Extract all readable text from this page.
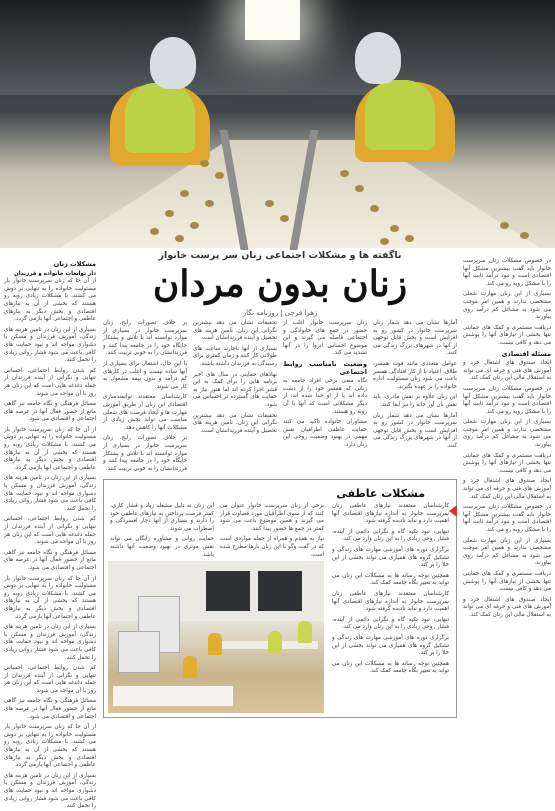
ناگفته ها و مشکلات اجتماعی زنان سر پرست خانوار
زنان بدون مردان
زهرا فرجی | روزنامه نگار
مشکلات زنان
دار توابعات خانواده و فرزندان

از آن جا که زنان سرپرست خانوار بار مسئولیت خانواده را به تنهایی بر دوش می کشند، با مشکلات زیادی روبه رو هستند که بخشی از آن به نیازهای اقتصادی و بخش دیگر به نیازهای عاطفی و اجتماعی آنها بازمی گردد.

بسیاری از این زنان در تامین هزینه های زندگی، آموزش فرزندان و مسکن با دشواری مواجه اند و نبود حمایت های کافی باعث می شود فشار روانی زیادی را تحمل کنند.

کم شدن روابط اجتماعی، احساس تنهایی و نگرانی از آینده فرزندان از جمله دغدغه هایی است که این زنان هر روز با آن مواجه می شوند.

مسائل فرهنگی و نگاه جامعه نیز گاهی مانع از حضور فعال آنها در عرصه های اجتماعی و اقتصادی می شود.

از آن جا که زنان سرپرست خانوار بار مسئولیت خانواده را به تنهایی بر دوش می کشند، با مشکلات زیادی روبه رو هستند که بخشی از آن به نیازهای اقتصادی و بخش دیگر به نیازهای عاطفی و اجتماعی آنها بازمی گردد.

بسیاری از این زنان در تامین هزینه های زندگی، آموزش فرزندان و مسکن با دشواری مواجه اند و نبود حمایت های کافی باعث می شود فشار روانی زیادی را تحمل کنند.

کم شدن روابط اجتماعی، احساس تنهایی و نگرانی از آینده فرزندان از جمله دغدغه هایی است که این زنان هر روز با آن مواجه می شوند.

مسائل فرهنگی و نگاه جامعه نیز گاهی مانع از حضور فعال آنها در عرصه های اجتماعی و اقتصادی می شود.

از آن جا که زنان سرپرست خانوار بار مسئولیت خانواده را به تنهایی بر دوش می کشند، با مشکلات زیادی روبه رو هستند که بخشی از آن به نیازهای اقتصادی و بخش دیگر به نیازهای عاطفی و اجتماعی آنها بازمی گردد.

بسیاری از این زنان در تامین هزینه های زندگی، آموزش فرزندان و مسکن با دشواری مواجه اند و نبود حمایت های کافی باعث می شود فشار روانی زیادی را تحمل کنند.

کم شدن روابط اجتماعی، احساس تنهایی و نگرانی از آینده فرزندان از جمله دغدغه هایی است که این زنان هر روز با آن مواجه می شوند.

مسائل فرهنگی و نگاه جامعه نیز گاهی مانع از حضور فعال آنها در عرصه های اجتماعی و اقتصادی می شود.

از آن جا که زنان سرپرست خانوار بار مسئولیت خانواده را به تنهایی بر دوش می کشند، با مشکلات زیادی روبه رو هستند که بخشی از آن به نیازهای اقتصادی و بخش دیگر به نیازهای عاطفی و اجتماعی آنها بازمی گردد.

بسیاری از این زنان در تامین هزینه های زندگی، آموزش فرزندان و مسکن با دشواری مواجه اند و نبود حمایت های کافی باعث می شود فشار روانی زیادی را تحمل کنند.

بر خلاف تصورات رایج، زنان سرپرست خانوار در بسیاری از موارد توانسته اند با تلاش و پشتکار جایگاه خود را در جامعه پیدا کنند و فرزندانشان را به خوبی تربیت کنند.

با این حال، اشتغال برای بسیاری از آنها ساده نیست و اغلب در کارهای کم درآمد و بدون بیمه مشغول به کار می شوند.

کارشناسان معتقدند توانمندسازی اقتصادی این زنان از طریق آموزش مهارت ها و ایجاد فرصت های شغلی مناسب می تواند بخش زیادی از مشکلات آنها را کاهش دهد.

بر خلاف تصورات رایج، زنان سرپرست خانوار در بسیاری از موارد توانسته اند با تلاش و پشتکار جایگاه خود را در جامعه پیدا کنند و فرزندانشان را به خوبی تربیت کنند.

تحقیقات نشان می دهد بیشترین نگرانی این زنان، تامین هزینه های تحصیل و آینده فرزندانشان است.

بسیاری از آنها ناچارند ساعت های طولانی کار کنند و زمان کمتری برای رسیدگی به فرزندان داشته باشند.

نهادهای حمایتی در سال های اخیر برنامه هایی را برای کمک به این قشر اجرا کرده اند اما هنوز نیاز به حمایت های گسترده تر احساس می شود.

تحقیقات نشان می دهد بیشترین نگرانی این زنان، تامین هزینه های تحصیل و آینده فرزندانشان است.

زنان سرپرست خانوار اغلب از حضور در جمع های خانوادگی و اجتماعی فاصله می گیرند و این موضوع احساس انزوا را در آنها تشدید می کند.

وضعیت نامناسب روابط اجتماعی

نگاه منفی برخی افراد جامعه به زنانی که همسر خود را از دست داده اند یا از او جدا شده اند، از دیگر مشکلاتی است که آنها با آن روبه رو هستند.

مشاوران خانواده تاکید می کنند حمایت عاطفی اطرافیان نقش مهمی در بهبود وضعیت روحی این زنان دارد.

آمارها نشان می دهد شمار زنان سرپرست خانوار در کشور رو به افزایش است و بخش قابل توجهی از آنها در شهرهای بزرگ زندگی می کنند.

عوامل متعددی مانند فوت همسر، طلاق، اعتیاد یا از کار افتادگی همسر باعث می شود زنان مسئولیت اداره خانواده را بر عهده بگیرند.

این زنان علاوه بر نقش مادری، باید نقش نان آور خانه را نیز ایفا کنند.

آمارها نشان می دهد شمار زنان سرپرست خانوار در کشور رو به افزایش است و بخش قابل توجهی از آنها در شهرهای بزرگ زندگی می کنند.

در خصوص مشکلات زنان سرپرست خانوار باید گفت بیشترین مشکل آنها اقتصادی است و نبود درآمد ثابت آنها را با مشکل روبه رو می کند.

بسیاری از این زنان مهارت شغلی مشخصی ندارند و همین امر موجب می شود به مشاغل کم درآمد روی بیاورند.

دریافت مستمری و کمک های حمایتی تنها بخشی از نیازهای آنها را پوشش می دهد و کافی نیست.

مسئله اقتصادی

ایجاد صندوق های اشتغال خرد و آموزش های فنی و حرفه ای می تواند به استقلال مالی این زنان کمک کند.

در خصوص مشکلات زنان سرپرست خانوار باید گفت بیشترین مشکل آنها اقتصادی است و نبود درآمد ثابت آنها را با مشکل روبه رو می کند.

بسیاری از این زنان مهارت شغلی مشخصی ندارند و همین امر موجب می شود به مشاغل کم درآمد روی بیاورند.

دریافت مستمری و کمک های حمایتی تنها بخشی از نیازهای آنها را پوشش می دهد و کافی نیست.

ایجاد صندوق های اشتغال خرد و آموزش های فنی و حرفه ای می تواند به استقلال مالی این زنان کمک کند.

در خصوص مشکلات زنان سرپرست خانوار باید گفت بیشترین مشکل آنها اقتصادی است و نبود درآمد ثابت آنها را با مشکل روبه رو می کند.

بسیاری از این زنان مهارت شغلی مشخصی ندارند و همین امر موجب می شود به مشاغل کم درآمد روی بیاورند.

دریافت مستمری و کمک های حمایتی تنها بخشی از نیازهای آنها را پوشش می دهد و کافی نیست.

ایجاد صندوق های اشتغال خرد و آموزش های فنی و حرفه ای می تواند به استقلال مالی این زنان کمک کند.

مشکلات عاطفی

این زنان به دلیل مشغله زیاد و فشار کاری، کمتر فرصت پرداختن به نیازهای عاطفی خود را دارند و بسیاری از آنها دچار افسردگی و اضطراب می شوند.

حمایت روانی و مشاوره رایگان می تواند نقش موثری در بهبود وضعیت آنها داشته باشد.

برخی از زنان سرپرست خانوار عنوان می کنند که از سوی اطرافیان مورد قضاوت قرار می گیرند و همین موضوع باعث می شود کمتر در جمع ها حضور پیدا کنند.

نیاز به همدم و همراه از جمله مواردی است که در گفت وگو با این زنان بارها مطرح شده است.

کارشناسان معتقدند نیازهای عاطفی زنان سرپرست خانوار به اندازه نیازهای اقتصادی آنها اهمیت دارد و نباید نادیده گرفته شود.

تنهایی، نبود تکیه گاه و نگرانی دائمی از آینده، فشار روحی زیادی را به این زنان وارد می کند.

برگزاری دوره های آموزشی مهارت های زندگی و تشکیل گروه های همیاری می تواند بخشی از این خلأ را پر کند.

همچنین توجه رسانه ها به مشکلات این زنان می تواند به تغییر نگاه جامعه کمک کند.

کارشناسان معتقدند نیازهای عاطفی زنان سرپرست خانوار به اندازه نیازهای اقتصادی آنها اهمیت دارد و نباید نادیده گرفته شود.

تنهایی، نبود تکیه گاه و نگرانی دائمی از آینده، فشار روحی زیادی را به این زنان وارد می کند.

برگزاری دوره های آموزشی مهارت های زندگی و تشکیل گروه های همیاری می تواند بخشی از این خلأ را پر کند.

همچنین توجه رسانه ها به مشکلات این زنان می تواند به تغییر نگاه جامعه کمک کند.
